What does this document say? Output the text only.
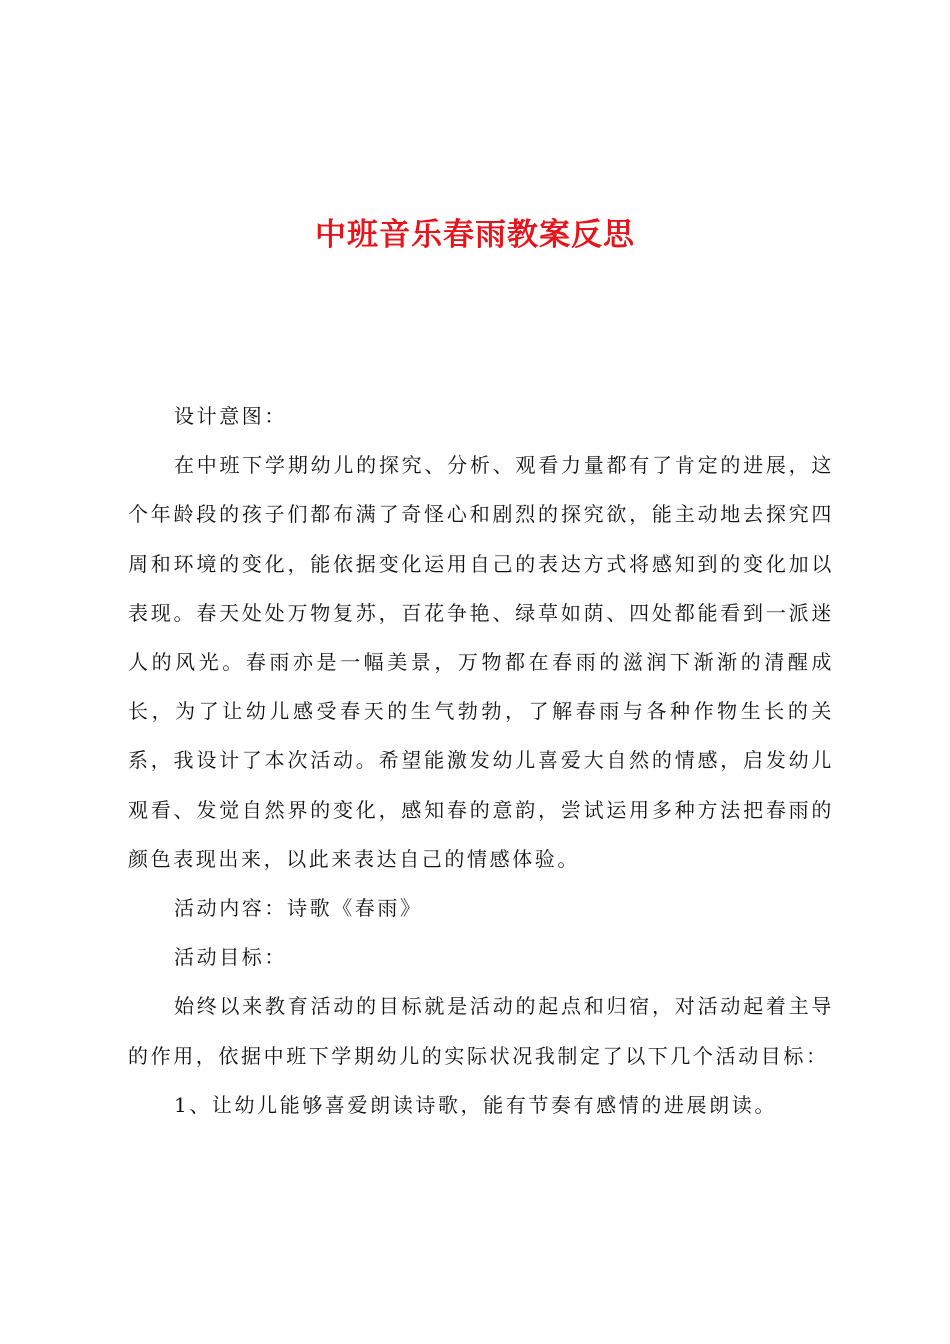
中班音乐春雨教案反思

设计意图：

在中班下学期幼儿的探究、分析、观看力量都有了肯定的进展，这个年龄段的孩子们都布满了奇怪心和剧烈的探究欲，能主动地去探究四周和环境的变化，能依据变化运用自己的表达方式将感知到的变化加以表现。春天处处万物复苏，百花争艳、绿草如荫、四处都能看到一派迷人的风光。春雨亦是一幅美景，万物都在春雨的滋润下渐渐的清醒成长，为了让幼儿感受春天的生气勃勃，了解春雨与各种作物生长的关系，我设计了本次活动。希望能激发幼儿喜爱大自然的情感，启发幼儿观看、发觉自然界的变化，感知春的意韵，尝试运用多种方法把春雨的颜色表现出来，以此来表达自己的情感体验。

活动内容：诗歌《春雨》

活动目标：

始终以来教育活动的目标就是活动的起点和归宿，对活动起着主导的作用，依据中班下学期幼儿的实际状况我制定了以下几个活动目标：

1、让幼儿能够喜爱朗读诗歌，能有节奏有感情的进展朗读。
